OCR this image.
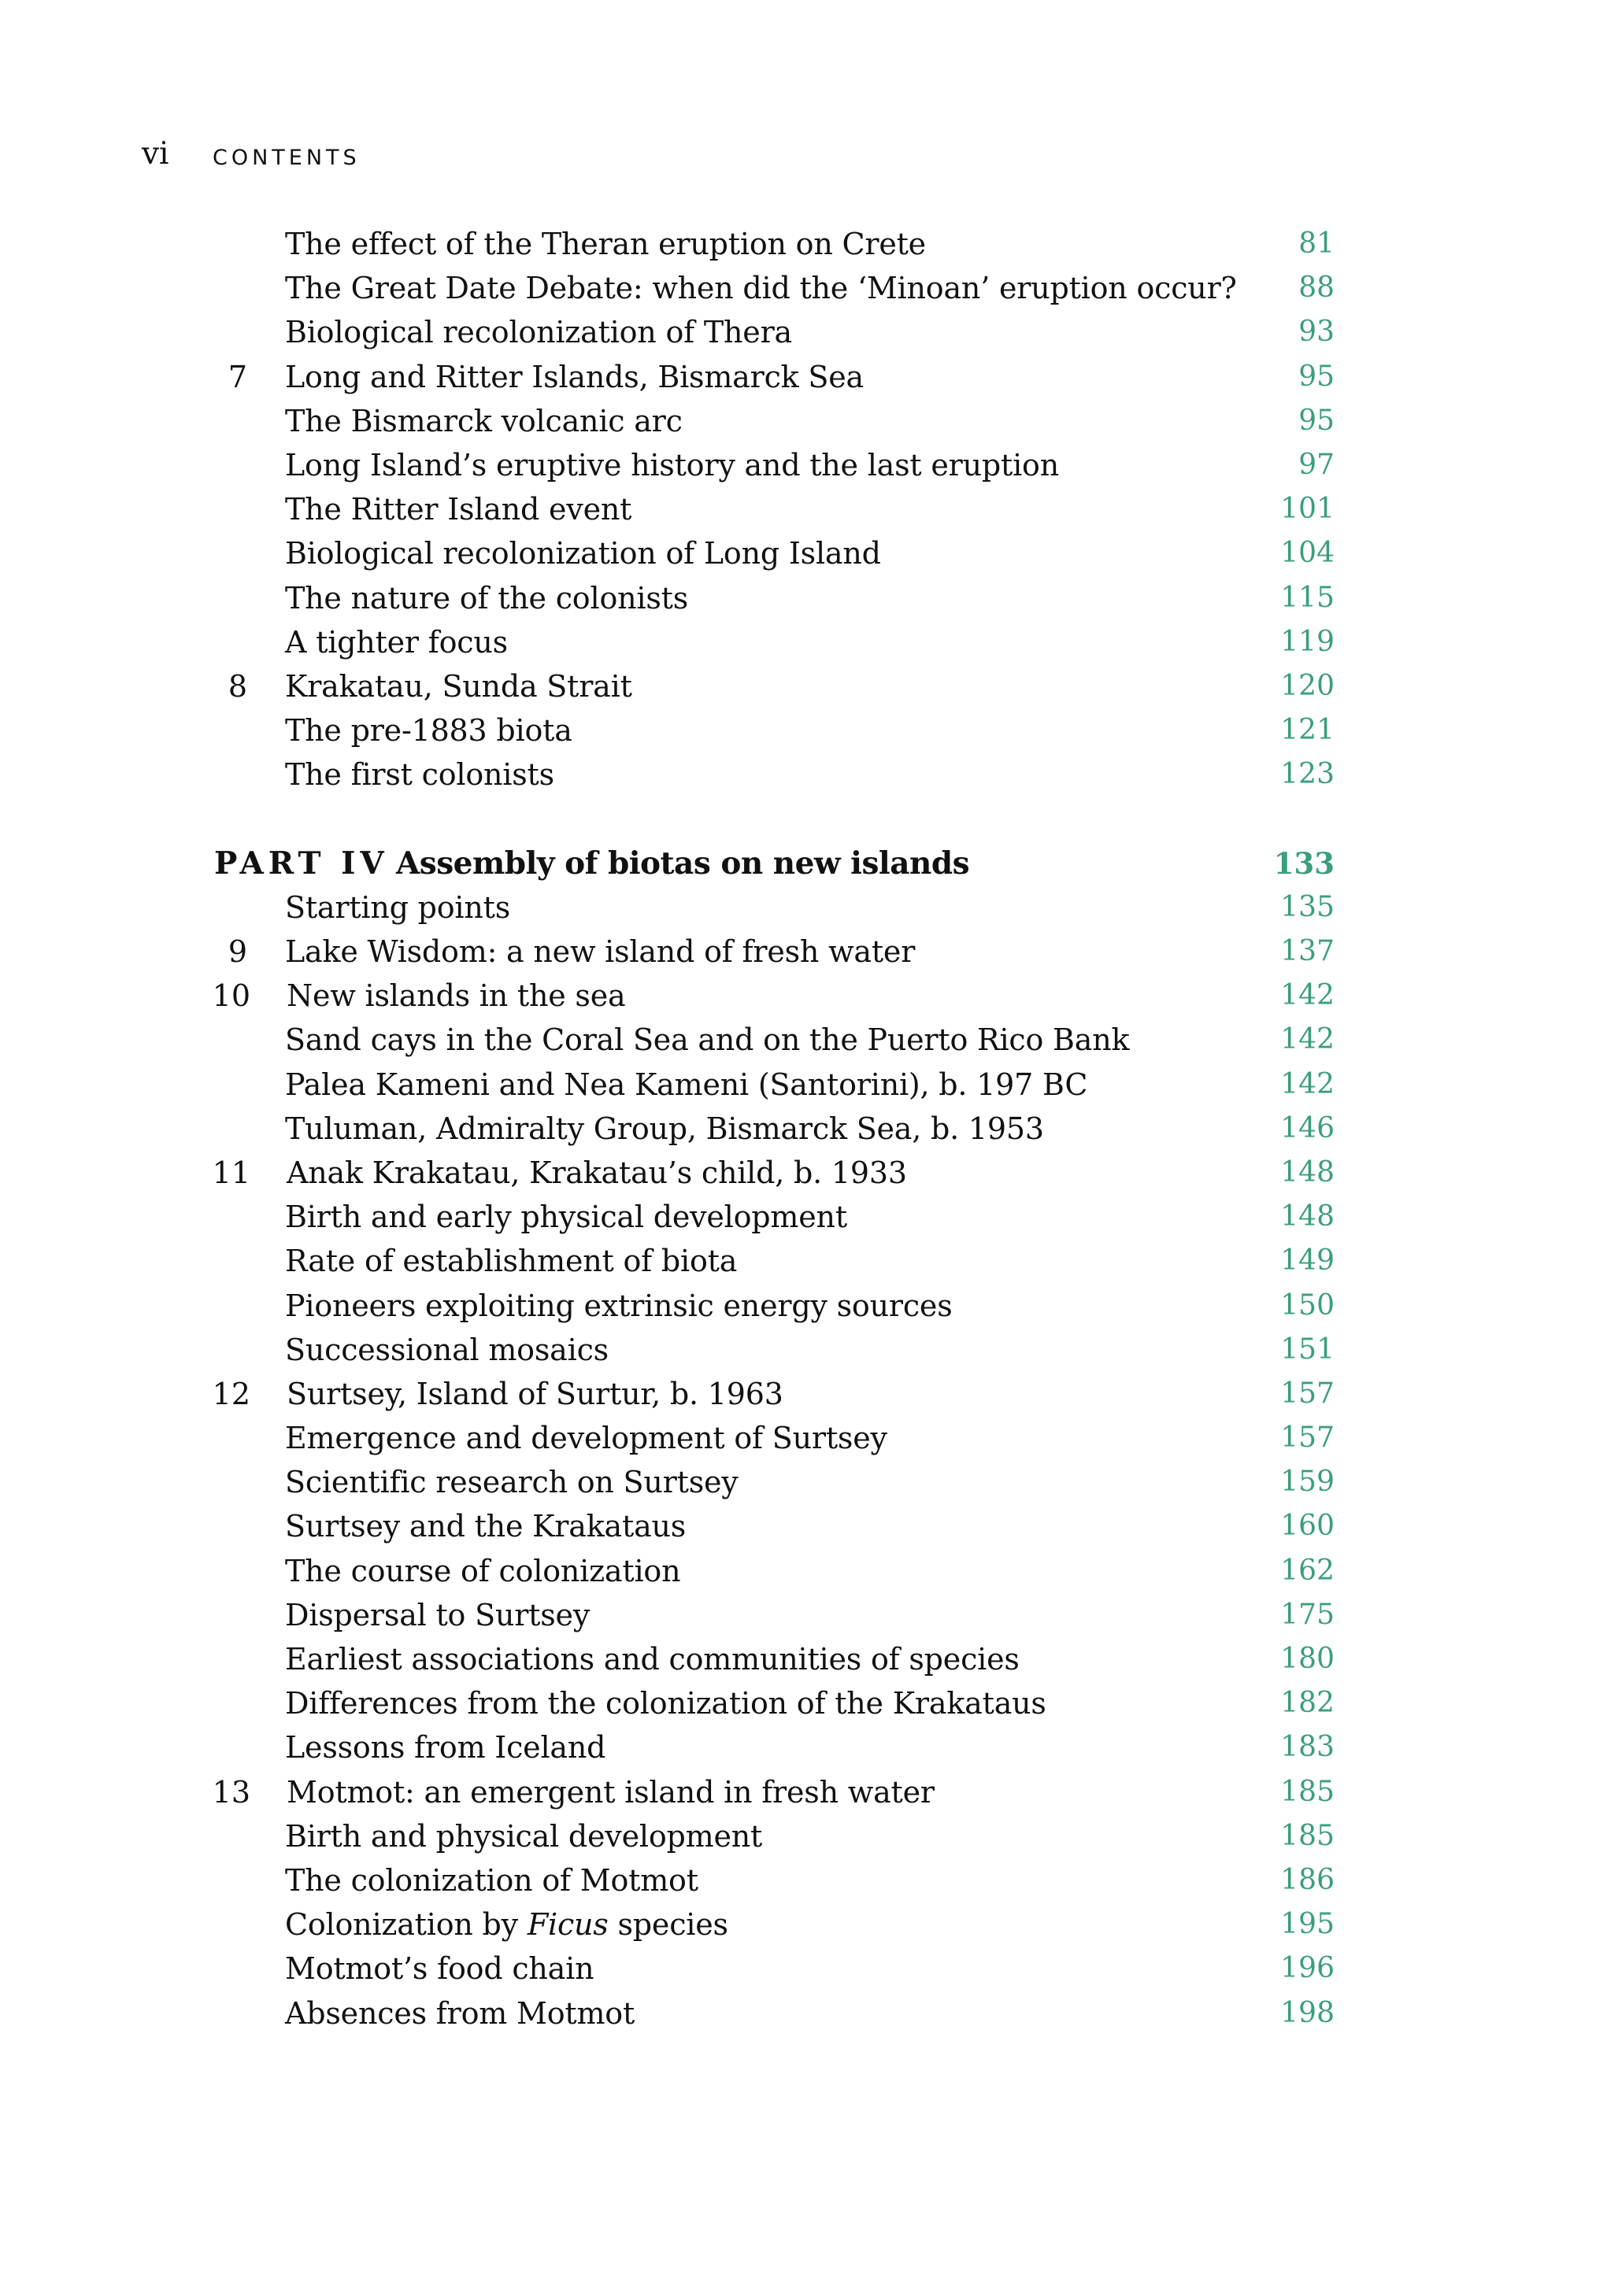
vi CONTENTS
The effect of the Theran eruption on Crete	81
The Great Date Debate: when did the ‘Minoan’ eruption occur? 88
Biological recolonization of Thera	93
7 Long and Ritter Islands, Bismarck Sea	95
The Bismarck volcanic arc	95
Long Island’s eruptive history and the last eruption	97
The Ritter Island event	101
Biological recolonization of Long Island	104
The nature of the colonists	115
A tighter focus	119
8 Krakatau, Sunda Strait	120
The pre-1883 biota	121
The first colonists	123
PART IV Assembly of biotas on new islands	133
Starting points	135
9 Lake Wisdom: a new island of fresh water	137
10 New islands in the sea	142
Sand cays in the Coral Sea and on the Puerto Rico Bank	142
Palea Kameni and Nea Kameni (Santorini), b. 197 BC	142
Tuluman, Admiralty Group, Bismarck Sea, b. 1953	146
11 Anak Krakatau, Krakatau’s child, b. 1933	148
Birth and early physical development	148
Rate of establishment of biota	149
Pioneers exploiting extrinsic energy sources	150
Successional mosaics	151
12 Surtsey, Island of Surtur, b. 1963	157
Emergence and development of Surtsey	157
Scientific research on Surtsey	159
Surtsey and the Krakataus	160
The course of colonization	162
Dispersal to Surtsey	175
Earliest associations and communities of species	180
Differences from the colonization of the Krakataus	182
Lessons from Iceland	183
13 Motmot: an emergent island in fresh water	185
Birth and physical development	185
The colonization of Motmot	186
Colonization by Ficus species	195
Motmot’s food chain	196
Absences from Motmot	198
